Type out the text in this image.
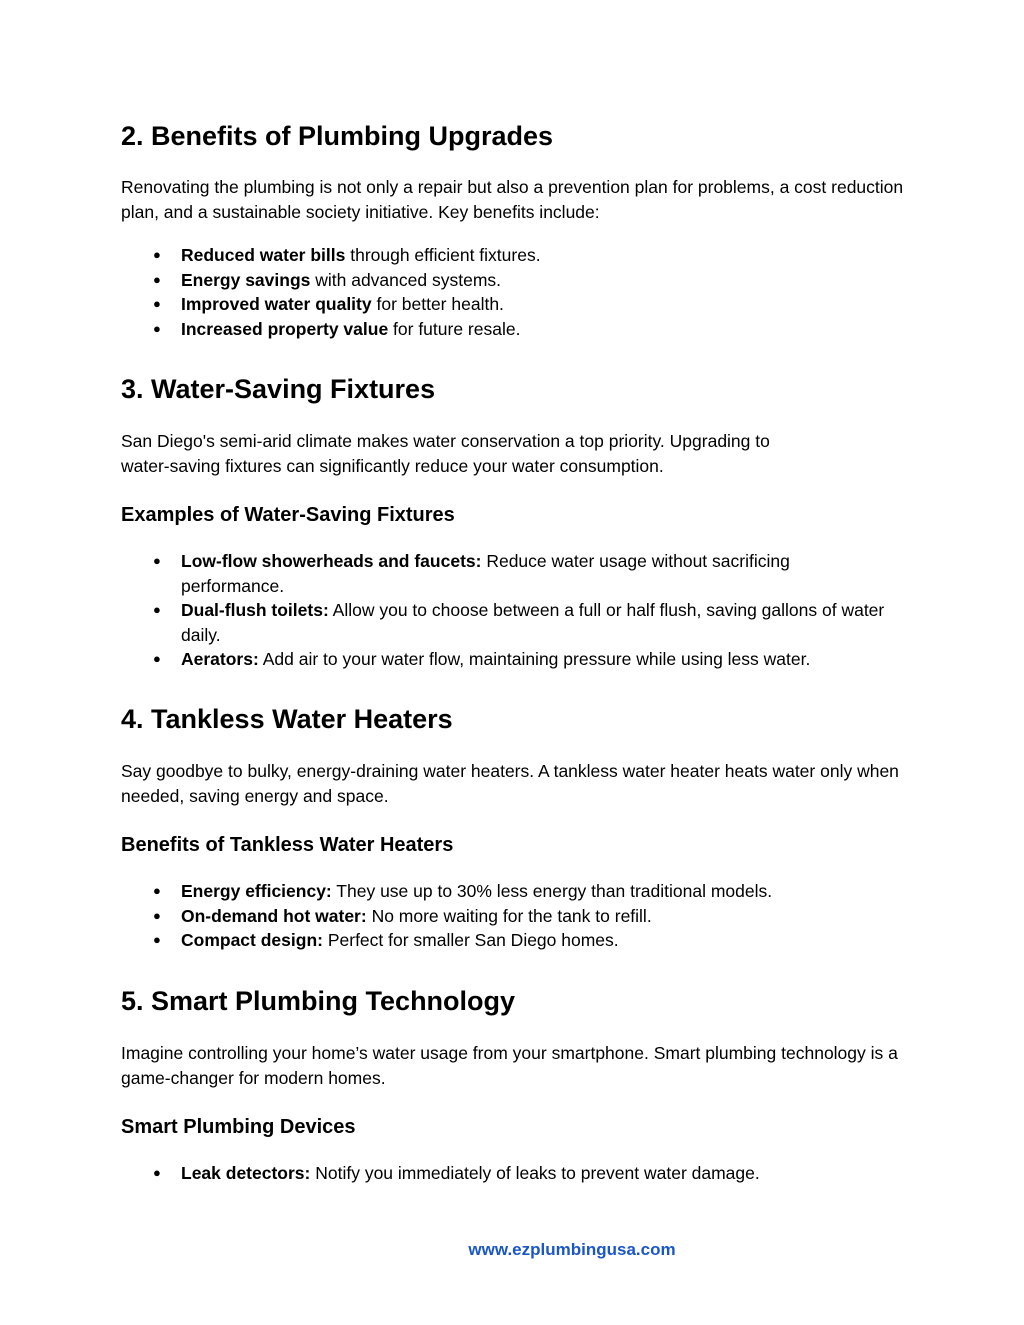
2. Benefits of Plumbing Upgrades

Renovating the plumbing is not only a repair but also a prevention plan for problems, a cost reduction plan, and a sustainable society initiative. Key benefits include:

● Reduced water bills through efficient fixtures.
● Energy savings with advanced systems.
● Improved water quality for better health.
● Increased property value for future resale.
3. Water-Saving Fixtures

San Diego's semi-arid climate makes water conservation a top priority. Upgrading to water-saving fixtures can significantly reduce your water consumption.

Examples of Water-Saving Fixtures
● Low-flow showerheads and faucets: Reduce water usage without sacrificing performance.
● Dual-flush toilets: Allow you to choose between a full or half flush, saving gallons of water daily.
● Aerators: Add air to your water flow, maintaining pressure while using less water.
4. Tankless Water Heaters

Say goodbye to bulky, energy-draining water heaters. A tankless water heater heats water only when needed, saving energy and space.

Benefits of Tankless Water Heaters
● Energy efficiency: They use up to 30% less energy than traditional models.
● On-demand hot water: No more waiting for the tank to refill.
● Compact design: Perfect for smaller San Diego homes.
5. Smart Plumbing Technology

Imagine controlling your home’s water usage from your smartphone. Smart plumbing technology is a game-changer for modern homes.

Smart Plumbing Devices
● Leak detectors: Notify you immediately of leaks to prevent water damage.
www.ezplumbingusa.com
